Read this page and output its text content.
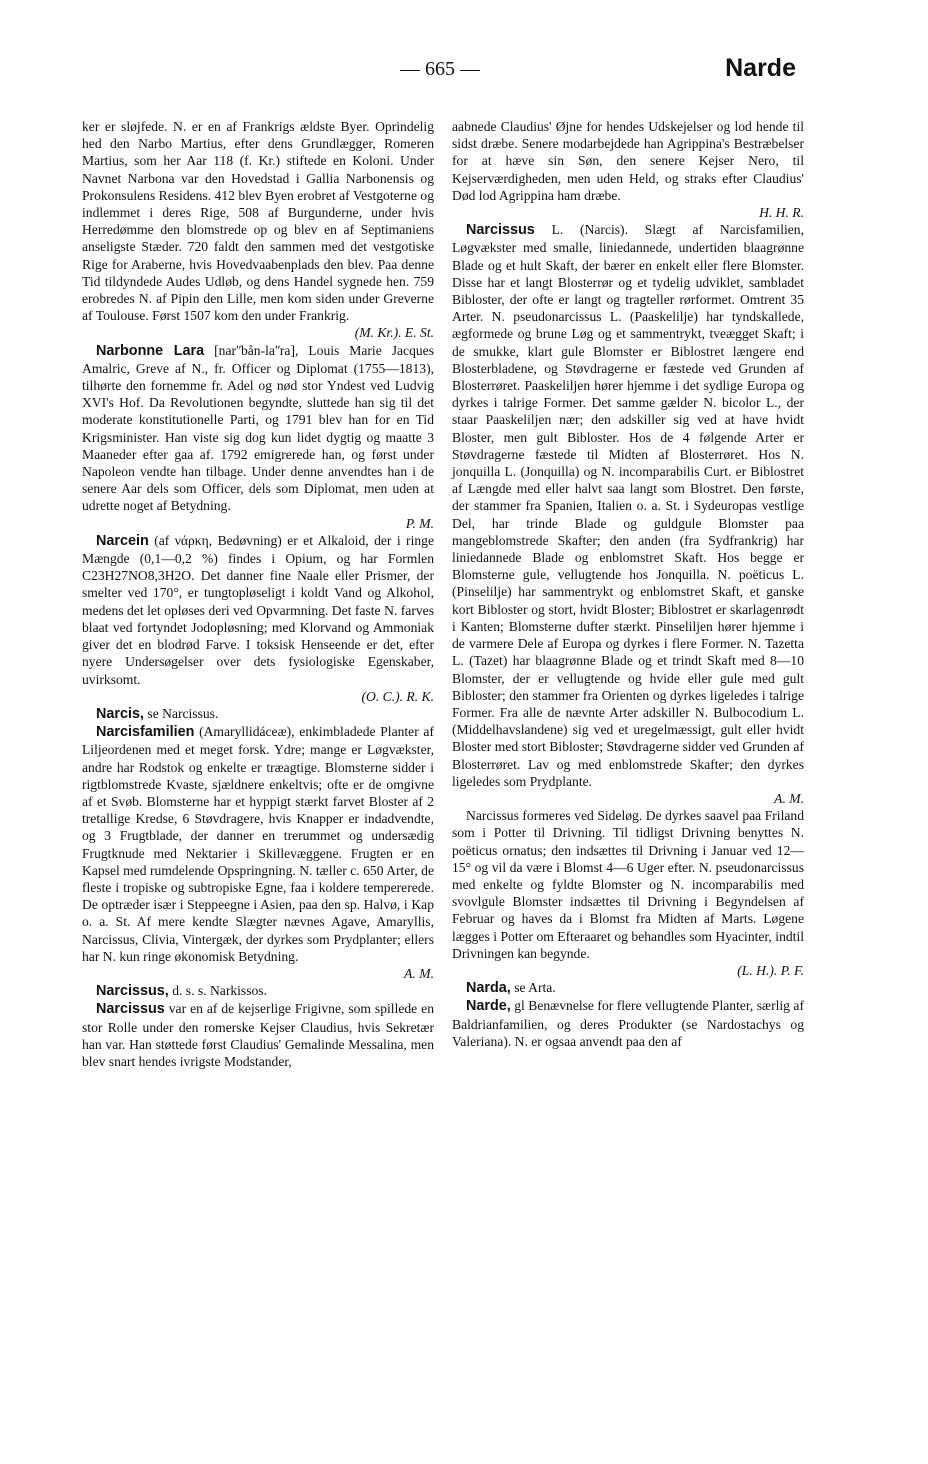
— 665 —	Narde

ker er sløjfede. N. er en af Frankrigs ældste Byer. Oprindelig hed den Narbo Martius, efter dens Grundlægger, Romeren Martius, som her Aar 118 (f. Kr.) stiftede en Koloni. Under Navnet Narbona var den Hovedstad i Gallia Narbonensis og Prokonsulens Residens. 412 blev Byen erobret af Vestgoterne og indlemmet i deres Rige, 508 af Burgunderne, under hvis Herredømme den blomstrede op og blev en af Septimaniens anseligste Stæder. 720 faldt den sammen med det vestgotiske Rige for Araberne, hvis Hovedvaabenplads den blev. Paa denne Tid tildyndede Audes Udløb, og dens Handel sygnede hen. 759 erobredes N. af Pipin den Lille, men kom siden under Greverne af Toulouse. Først 1507 kom den under Frankrig.
(M. Kr.). E. St.

Narbonne Lara [narʺbån-laʺra], Louis Marie Jacques Amalric, Greve af N., fr. Officer og Diplomat (1755—1813), tilhørte den fornemme fr. Adel og nød stor Yndest ved Ludvig XVI's Hof. Da Revolutionen begyndte, sluttede han sig til det moderate konstitutionelle Parti, og 1791 blev han for en Tid Krigsminister. Han viste sig dog kun lidet dygtig og maatte 3 Maaneder efter gaa af. 1792 emigrerede han, og først under Napoleon vendte han tilbage. Under denne anvendtes han i de senere Aar dels som Officer, dels som Diplomat, men uden at udrette noget af Betydning.
P. M.

Narcein (af νάρκη, Bedøvning) er et Alkaloid, der i ringe Mængde (0,1—0,2 %) findes i Opium, og har Formlen C23H27NO8,3H2O. Det danner fine Naale eller Prismer, der smelter ved 170°, er tungtopløseligt i koldt Vand og Alkohol, medens det let opløses deri ved Opvarmning. Det faste N. farves blaat ved fortyndet Jodopløsning; med Klorvand og Ammoniak giver det en blodrød Farve. I toksisk Henseende er det, efter nyere Undersøgelser over dets fysiologiske Egenskaber, uvirksomt.
(O. C.). R. K.

Narcis, se Narcissus.

Narcisfamilien (Amaryllidáceæ), enkimbladede Planter af Liljeordenen med et meget forsk. Ydre; mange er Løgvækster, andre har Rodstok og enkelte er træagtige. Blomsterne sidder i rigtblomstrede Kvaste, sjældnere enkeltvis; ofte er de omgivne af et Svøb. Blomsterne har et hyppigt stærkt farvet Bloster af 2 tretallige Kredse, 6 Støvdragere, hvis Knapper er indadvendte, og 3 Frugtblade, der danner en trerummet og undersædig Frugtknude med Nektarier i Skillevæggene. Frugten er en Kapsel med rumdelende Opspringning. N. tæller c. 650 Arter, de fleste i tropiske og subtropiske Egne, faa i koldere tempererede. De optræder især i Steppeegne i Asien, paa den sp. Halvø, i Kap o. a. St. Af mere kendte Slægter nævnes Agave, Amaryllis, Narcissus, Clivia, Vintergæk, der dyrkes som Prydplanter; ellers har N. kun ringe økonomisk Betydning.
A. M.

Narcissus, d. s. s. Narkissos.

Narcissus var en af de kejserlige Frigivne, som spillede en stor Rolle under den romerske Kejser Claudius, hvis Sekretær han var. Han støttede først Claudius' Gemalinde Messalina, men blev snart hendes ivrigste Modstander,

aabnede Claudius' Øjne for hendes Udskejelser og lod hende til sidst dræbe. Senere modarbejdede han Agrippina's Bestræbelser for at hæve sin Søn, den senere Kejser Nero, til Kejserværdigheden, men uden Held, og straks efter Claudius' Død lod Agrippina ham dræbe.
H. H. R.

Narcissus L. (Narcis). Slægt af Narcisfamilien, Løgvækster med smalle, liniedannede, undertiden blaagrønne Blade og et hult Skaft, der bærer en enkelt eller flere Blomster. Disse har et langt Blosterrør og et tydelig udviklet, sambladet Bibloster, der ofte er langt og tragteller rørformet. Omtrent 35 Arter. N. pseudonarcissus L. (Paaskelilje) har tyndskallede, ægformede og brune Løg og et sammentrykt, tveægget Skaft; i de smukke, klart gule Blomster er Biblostret længere end Blosterbladene, og Støvdragerne er fæstede ved Grunden af Blosterrøret. Paaskeliljen hører hjemme i det sydlige Europa og dyrkes i talrige Former. Det samme gælder N. bicolor L., der staar Paaskeliljen nær; den adskiller sig ved at have hvidt Bloster, men gult Bibloster. Hos de 4 følgende Arter er Støvdragerne fæstede til Midten af Blosterrøret. Hos N. jonquilla L. (Jonquilla) og N. incomparabilis Curt. er Biblostret af Længde med eller halvt saa langt som Blostret. Den første, der stammer fra Spanien, Italien o. a. St. i Sydeuropas vestlige Del, har trinde Blade og guldgule Blomster paa mangeblomstrede Skafter; den anden (fra Sydfrankrig) har liniedannede Blade og enblomstret Skaft. Hos begge er Blomsterne gule, vellugtende hos Jonquilla. N. poëticus L. (Pinselilje) har sammentrykt og enblomstret Skaft, et ganske kort Bibloster og stort, hvidt Bloster; Biblostret er skarlagenrødt i Kanten; Blomsterne dufter stærkt. Pinseliljen hører hjemme i de varmere Dele af Europa og dyrkes i flere Former. N. Tazetta L. (Tazet) har blaagrønne Blade og et trindt Skaft med 8—10 Blomster, der er vellugtende og hvide eller gule med gult Bibloster; den stammer fra Orienten og dyrkes ligeledes i talrige Former. Fra alle de nævnte Arter adskiller N. Bulbocodium L. (Middelhavslandene) sig ved et uregelmæssigt, gult eller hvidt Bloster med stort Bibloster; Støvdragerne sidder ved Grunden af Blosterrøret. Lav og med enblomstrede Skafter; den dyrkes ligeledes som Prydplante.
A. M.

Narcissus formeres ved Sideløg. De dyrkes saavel paa Friland som i Potter til Drivning. Til tidligst Drivning benyttes N. poëticus ornatus; den indsættes til Drivning i Januar ved 12—15° og vil da være i Blomst 4—6 Uger efter. N. pseudonarcissus med enkelte og fyldte Blomster og N. incomparabilis med svovlgule Blomster indsættes til Drivning i Begyndelsen af Februar og haves da i Blomst fra Midten af Marts. Løgene lægges i Potter om Efteraaret og behandles som Hyacinter, indtil Drivningen kan begynde.
(L. H.). P. F.

Narda, se Arta.

Narde, gl Benævnelse for flere vellugtende Planter, særlig af Baldrianfamilien, og deres Produkter (se Nardostachys og Valeriana). N. er ogsaa anvendt paa den af
